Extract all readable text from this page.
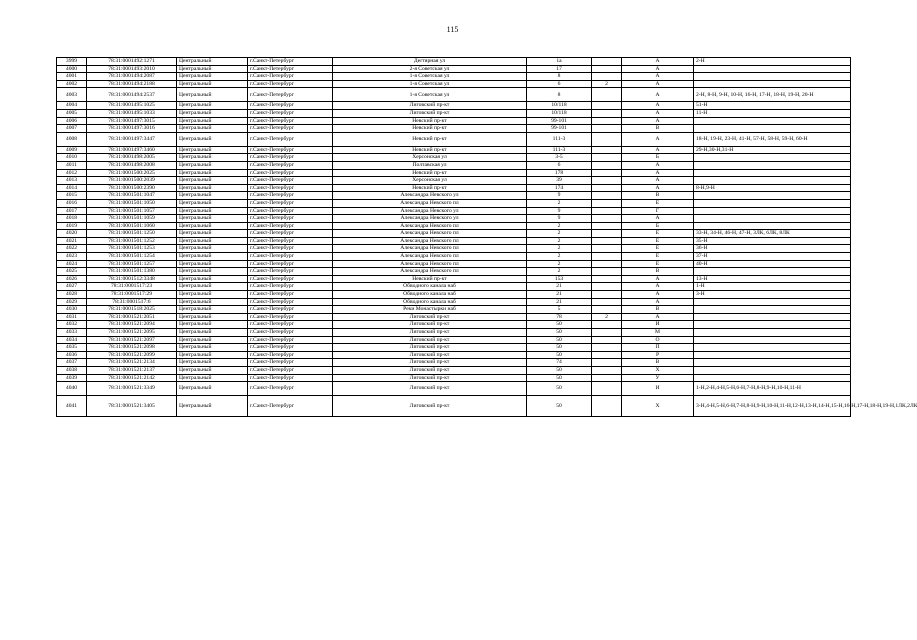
115
3999	78:31:0001492:1271	Центральный	г.Санкт-Петербург	Дегтярная ул	1а		А	2-Н
4000	78:31:0001493:2010	Центральный	г.Санкт-Петербург	2-я Советская ул	17		А	
4001	78:31:0001494:2087	Центральный	г.Санкт-Петербург	1-я Советская ул	8		А	
4002	78:31:0001494:2188	Центральный	г.Санкт-Петербург	1-я Советская ул	6	2	А	
4003	78:31:0001494:2537	Центральный	г.Санкт-Петербург	1-я Советская ул	8		А	2-Н, 8-Н, 9-Н, 10-Н, 16-Н, 17-Н, 18-Н, 19-Н, 20-Н
4004	78:31:0001495:1025	Центральный	г.Санкт-Петербург	Лиговский пр-кт	10/118		А	51-Н
4005	78:31:0001495:1033	Центральный	г.Санкт-Петербург	Лиговский пр-кт	10/118		А	11-Н
4006	78:31:0001497:3015	Центральный	г.Санкт-Петербург	Невский пр-кт	99-101		А	
4007	78:31:0001497:3016	Центральный	г.Санкт-Петербург	Невский пр-кт	99-101		В	
4008	78:31:0001497:3447	Центральный	г.Санкт-Петербург	Невский пр-кт	111-3		А	18-Н, 19-Н, 23-Н, 41-Н, 57-Н, 58-Н, 59-Н, 60-Н
4009	78:31:0001497:3460	Центральный	г.Санкт-Петербург	Невский пр-кт	111-3		А	29-Н,30-Н,31-Н
4010	78:31:0001498:2005	Центральный	г.Санкт-Петербург	Херсонская ул	3-5		Б	
4011	78:31:0001498:2008	Центральный	г.Санкт-Петербург	Полтавская ул	6		А	
4012	78:31:0001500:2025	Центральный	г.Санкт-Петербург	Невский пр-кт	178		А	
4013	78:31:0001500:2039	Центральный	г.Санкт-Петербург	Херсонская ул	39		А	
4014	78:31:0001500:2390	Центральный	г.Санкт-Петербург	Невский пр-кт	174		А	8-Н,9-Н
4015	78:31:0001501:1047	Центральный	г.Санкт-Петербург	Александра Невского ул	9		В	
4016	78:31:0001501:1050	Центральный	г.Санкт-Петербург	Александра Невского пл	2		Е	
4017	78:31:0001501:1057	Центральный	г.Санкт-Петербург	Александра Невского ул	9		Г	
4018	78:31:0001501:1059	Центральный	г.Санкт-Петербург	Александра Невского ул	9		А	
4019	78:31:0001501:1060	Центральный	г.Санкт-Петербург	Александра Невского пл	2		Б	
4020	78:31:0001501:1250	Центральный	г.Санкт-Петербург	Александра Невского пл	2		Е	33-Н, 34-Н, 46-Н, 47-Н, 3ЛК, 6ЛК, 8ЛК
4021	78:31:0001501:1252	Центральный	г.Санкт-Петербург	Александра Невского пл	2		Е	35-Н
4022	78:31:0001501:1253	Центральный	г.Санкт-Петербург	Александра Невского пл	2		Е	36-Н
4023	78:31:0001501:1254	Центральный	г.Санкт-Петербург	Александра Невского пл	2		Е	37-Н
4024	78:31:0001501:1257	Центральный	г.Санкт-Петербург	Александра Невского пл	2		Е	40-Н
4025	78:31:0001501:1380	Центральный	г.Санкт-Петербург	Александра Невского пл	2		В	
4026	78:31:0001512:3348	Центральный	г.Санкт-Петербург	Невский пр-кт	153		А	13-Н
4027	78:31:0001517:23	Центральный	г.Санкт-Петербург	Обводного канала наб	21		А	1-Н
4028	78:31:0001517:29	Центральный	г.Санкт-Петербург	Обводного канала наб	21		А	3-Н
4029	78:31:0001517:6	Центральный	г.Санкт-Петербург	Обводного канала наб	21		А	
4030	78:31:0001518:2025	Центральный	г.Санкт-Петербург	Реки Монастырки наб	5		В	
4031	78:31:0001521:2051	Центральный	г.Санкт-Петербург	Лиговский пр-кт	78	2	А	
4032	78:31:0001521:2094	Центральный	г.Санкт-Петербург	Лиговский пр-кт	50		И	
4033	78:31:0001521:2095	Центральный	г.Санкт-Петербург	Лиговский пр-кт	50		М	
4034	78:31:0001521:2097	Центральный	г.Санкт-Петербург	Лиговский пр-кт	50		О	
4035	78:31:0001521:2098	Центральный	г.Санкт-Петербург	Лиговский пр-кт	50		П	
4036	78:31:0001521:2099	Центральный	г.Санкт-Петербург	Лиговский пр-кт	50		Р	
4037	78:31:0001521:2134	Центральный	г.Санкт-Петербург	Лиговский пр-кт	74		В	
4038	78:31:0001521:2137	Центральный	г.Санкт-Петербург	Лиговский пр-кт	50		Х	
4039	78:31:0001521:2142	Центральный	г.Санкт-Петербург	Лиговский пр-кт	50		У	
4040	78:31:0001521:3349	Центральный	г.Санкт-Петербург	Лиговский пр-кт	50		И	1-Н,2-Н,4-Н,5-Н,6-Н,7-Н,8-Н,9-Н,10-Н,11-Н
4041	78:31:0001521:3405	Центральный	г.Санкт-Петербург	Лиговский пр-кт	50		Х	3-Н,4-Н,5-Н,6-Н,7-Н,8-Н,9-Н,10-Н,11-Н,12-Н,13-Н,14-Н,15-Н,16-Н,17-Н,18-Н,19-Н,1ЛК,2ЛК
